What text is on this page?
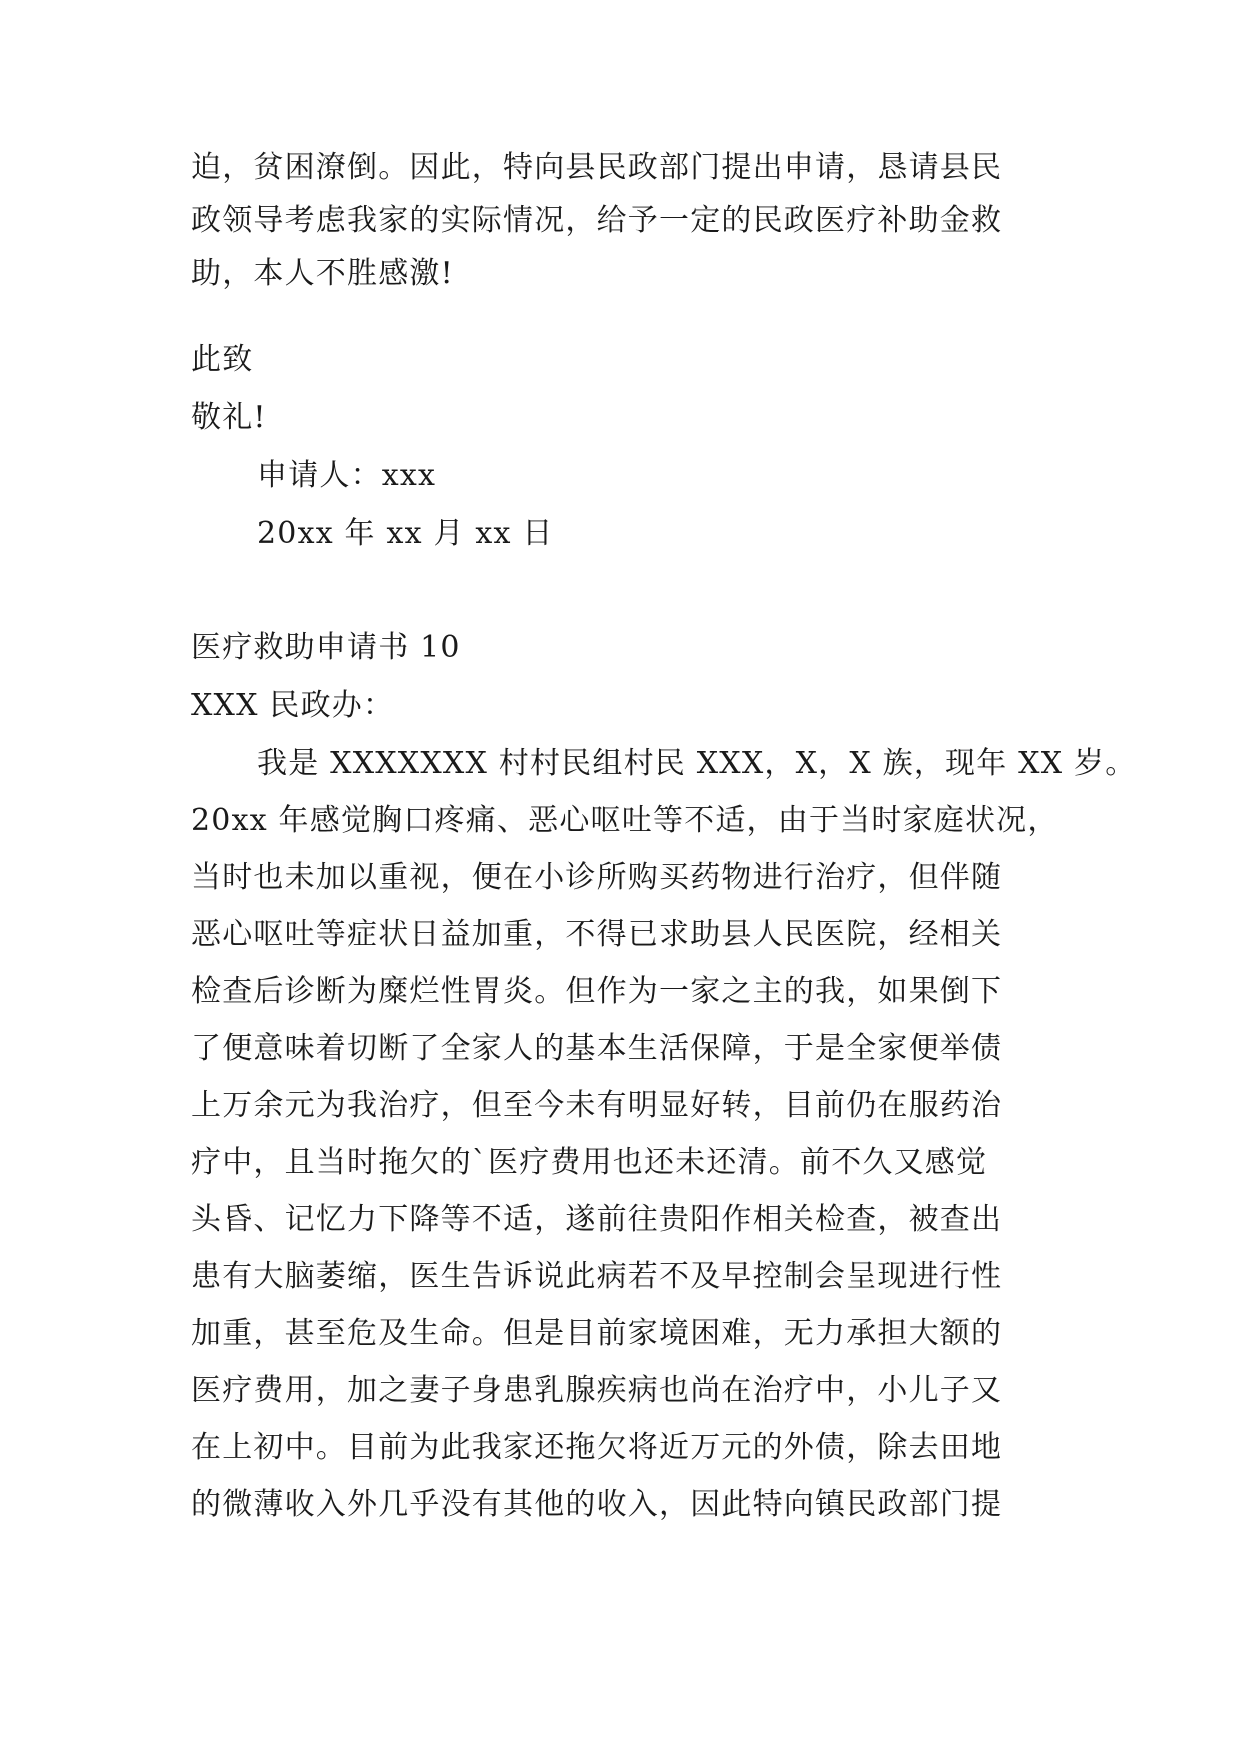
迫，贫困潦倒。因此，特向县民政部门提出申请，恳请县民
政领导考虑我家的实际情况，给予一定的民政医疗补助金救
助，本人不胜感激!
此致
敬礼!
申请人：xxx
20xx 年 xx 月 xx 日
医疗救助申请书 10
XXX 民政办：
我是 XXXXXXX 村村民组村民 XXX，X，X 族，现年 XX 岁。
20xx 年感觉胸口疼痛、恶心呕吐等不适，由于当时家庭状况，
当时也未加以重视，便在小诊所购买药物进行治疗，但伴随
恶心呕吐等症状日益加重，不得已求助县人民医院，经相关
检查后诊断为糜烂性胃炎。但作为一家之主的我，如果倒下
了便意味着切断了全家人的基本生活保障，于是全家便举债
上万余元为我治疗，但至今未有明显好转，目前仍在服药治
疗中，且当时拖欠的`医疗费用也还未还清。前不久又感觉
头昏、记忆力下降等不适，遂前往贵阳作相关检查，被查出
患有大脑萎缩，医生告诉说此病若不及早控制会呈现进行性
加重，甚至危及生命。但是目前家境困难，无力承担大额的
医疗费用，加之妻子身患乳腺疾病也尚在治疗中，小儿子又
在上初中。目前为此我家还拖欠将近万元的外债，除去田地
的微薄收入外几乎没有其他的收入，因此特向镇民政部门提
